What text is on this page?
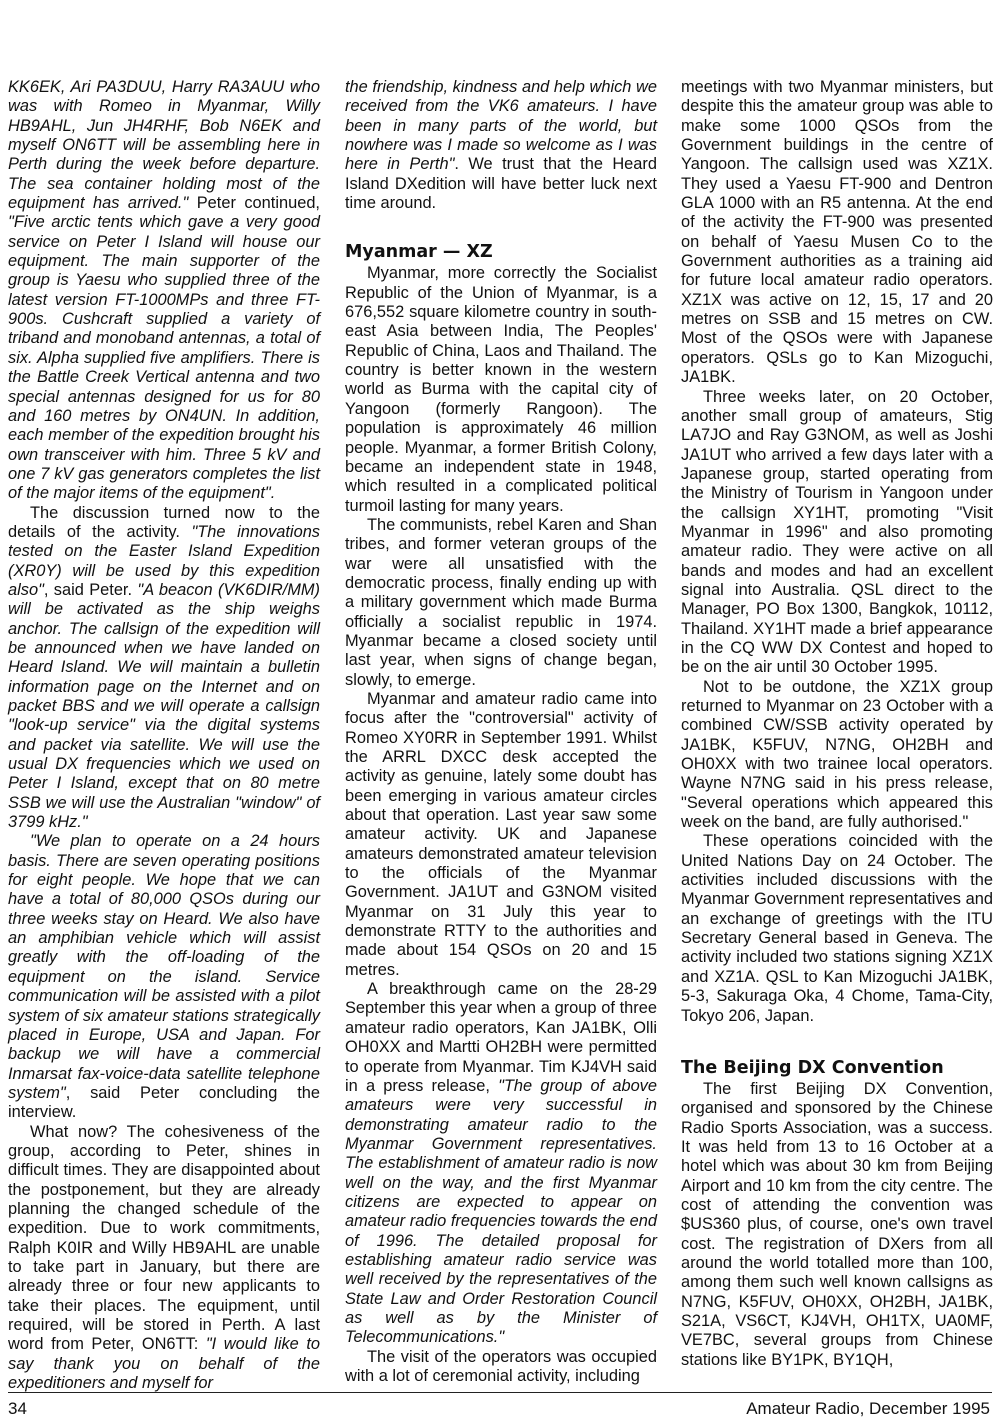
KK6EK, Ari PA3DUU, Harry RA3AUU who was with Romeo in Myanmar, Willy HB9AHL, Jun JH4RHF, Bob N6EK and myself ON6TT will be assembling here in Perth during the week before departure. The sea container holding most of the equipment has arrived." Peter continued, "Five arctic tents which gave a very good service on Peter I Island will house our equipment. The main supporter of the group is Yaesu who supplied three of the latest version FT-1000MPs and three FT-900s. Cushcraft supplied a variety of triband and monoband antennas, a total of six. Alpha supplied five amplifiers. There is the Battle Creek Vertical antenna and two special antennas designed for us for 80 and 160 metres by ON4UN. In addition, each member of the expedition brought his own transceiver with him. Three 5 kV and one 7 kV gas generators completes the list of the major items of the equipment".

The discussion turned now to the details of the activity. "The innovations tested on the Easter Island Expedition (XR0Y) will be used by this expedition also", said Peter. "A beacon (VK6DIR/MM) will be activated as the ship weighs anchor. The callsign of the expedition will be announced when we have landed on Heard Island. We will maintain a bulletin information page on the Internet and on packet BBS and we will operate a callsign "look-up service" via the digital systems and packet via satellite. We will use the usual DX frequencies which we used on Peter I Island, except that on 80 metre SSB we will use the Australian "window" of 3799 kHz."

"We plan to operate on a 24 hours basis. There are seven operating positions for eight people. We hope that we can have a total of 80,000 QSOs during our three weeks stay on Heard. We also have an amphibian vehicle which will assist greatly with the off-loading of the equipment on the island. Service communication will be assisted with a pilot system of six amateur stations strategically placed in Europe, USA and Japan. For backup we will have a commercial Inmarsat fax-voice-data satellite telephone system", said Peter concluding the interview.

What now? The cohesiveness of the group, according to Peter, shines in difficult times. They are disappointed about the postponement, but they are already planning the changed schedule of the expedition. Due to work commitments, Ralph K0IR and Willy HB9AHL are unable to take part in January, but there are already three or four new applicants to take their places. The equipment, until required, will be stored in Perth. A last word from Peter, ON6TT: "I would like to say thank you on behalf of the expeditioners and myself for

the friendship, kindness and help which we received from the VK6 amateurs. I have been in many parts of the world, but nowhere was I made so welcome as I was here in Perth". We trust that the Heard Island DXedition will have better luck next time around.

Myanmar — XZ

Myanmar, more correctly the Socialist Republic of the Union of Myanmar, is a 676,552 square kilometre country in south-east Asia between India, The Peoples' Republic of China, Laos and Thailand. The country is better known in the western world as Burma with the capital city of Yangoon (formerly Rangoon). The population is approximately 46 million people. Myanmar, a former British Colony, became an independent state in 1948, which resulted in a complicated political turmoil lasting for many years.

The communists, rebel Karen and Shan tribes, and former veteran groups of the war were all unsatisfied with the democratic process, finally ending up with a military government which made Burma officially a socialist republic in 1974. Myanmar became a closed society until last year, when signs of change began, slowly, to emerge.

Myanmar and amateur radio came into focus after the "controversial" activity of Romeo XY0RR in September 1991. Whilst the ARRL DXCC desk accepted the activity as genuine, lately some doubt has been emerging in various amateur circles about that operation. Last year saw some amateur activity. UK and Japanese amateurs demonstrated amateur television to the officials of the Myanmar Government. JA1UT and G3NOM visited Myanmar on 31 July this year to demonstrate RTTY to the authorities and made about 154 QSOs on 20 and 15 metres.

A breakthrough came on the 28-29 September this year when a group of three amateur radio operators, Kan JA1BK, Olli OH0XX and Martti OH2BH were permitted to operate from Myanmar. Tim KJ4VH said in a press release, "The group of above amateurs were very successful in demonstrating amateur radio to the Myanmar Government representatives. The establishment of amateur radio is now well on the way, and the first Myanmar citizens are expected to appear on amateur radio frequencies towards the end of 1996. The detailed proposal for establishing amateur radio service was well received by the representatives of the State Law and Order Restoration Council as well as by the Minister of Telecommunications."

The visit of the operators was occupied with a lot of ceremonial activity, including

meetings with two Myanmar ministers, but despite this the amateur group was able to make some 1000 QSOs from the Government buildings in the centre of Yangoon. The callsign used was XZ1X. They used a Yaesu FT-900 and Dentron GLA 1000 with an R5 antenna. At the end of the activity the FT-900 was presented on behalf of Yaesu Musen Co to the Government authorities as a training aid for future local amateur radio operators. XZ1X was active on 12, 15, 17 and 20 metres on SSB and 15 metres on CW. Most of the QSOs were with Japanese operators. QSLs go to Kan Mizoguchi, JA1BK.

Three weeks later, on 20 October, another small group of amateurs, Stig LA7JO and Ray G3NOM, as well as Joshi JA1UT who arrived a few days later with a Japanese group, started operating from the Ministry of Tourism in Yangoon under the callsign XY1HT, promoting "Visit Myanmar in 1996" and also promoting amateur radio. They were active on all bands and modes and had an excellent signal into Australia. QSL direct to the Manager, PO Box 1300, Bangkok, 10112, Thailand. XY1HT made a brief appearance in the CQ WW DX Contest and hoped to be on the air until 30 October 1995.

Not to be outdone, the XZ1X group returned to Myanmar on 23 October with a combined CW/SSB activity operated by JA1BK, K5FUV, N7NG, OH2BH and OH0XX with two trainee local operators. Wayne N7NG said in his press release, "Several operations which appeared this week on the band, are fully authorised."

These operations coincided with the United Nations Day on 24 October. The activities included discussions with the Myanmar Government representatives and an exchange of greetings with the ITU Secretary General based in Geneva. The activity included two stations signing XZ1X and XZ1A. QSL to Kan Mizoguchi JA1BK, 5-3, Sakuraga Oka, 4 Chome, Tama-City, Tokyo 206, Japan.

The Beijing DX Convention

The first Beijing DX Convention, organised and sponsored by the Chinese Radio Sports Association, was a success. It was held from 13 to 16 October at a hotel which was about 30 km from Beijing Airport and 10 km from the city centre. The cost of attending the convention was $US360 plus, of course, one's own travel cost. The registration of DXers from all around the world totalled more than 100, among them such well known callsigns as N7NG, K5FUV, OH0XX, OH2BH, JA1BK, S21A, VS6CT, KJ4VH, OH1TX, UA0MF, VE7BC, several groups from Chinese stations like BY1PK, BY1QH,

34	Amateur Radio, December 1995
